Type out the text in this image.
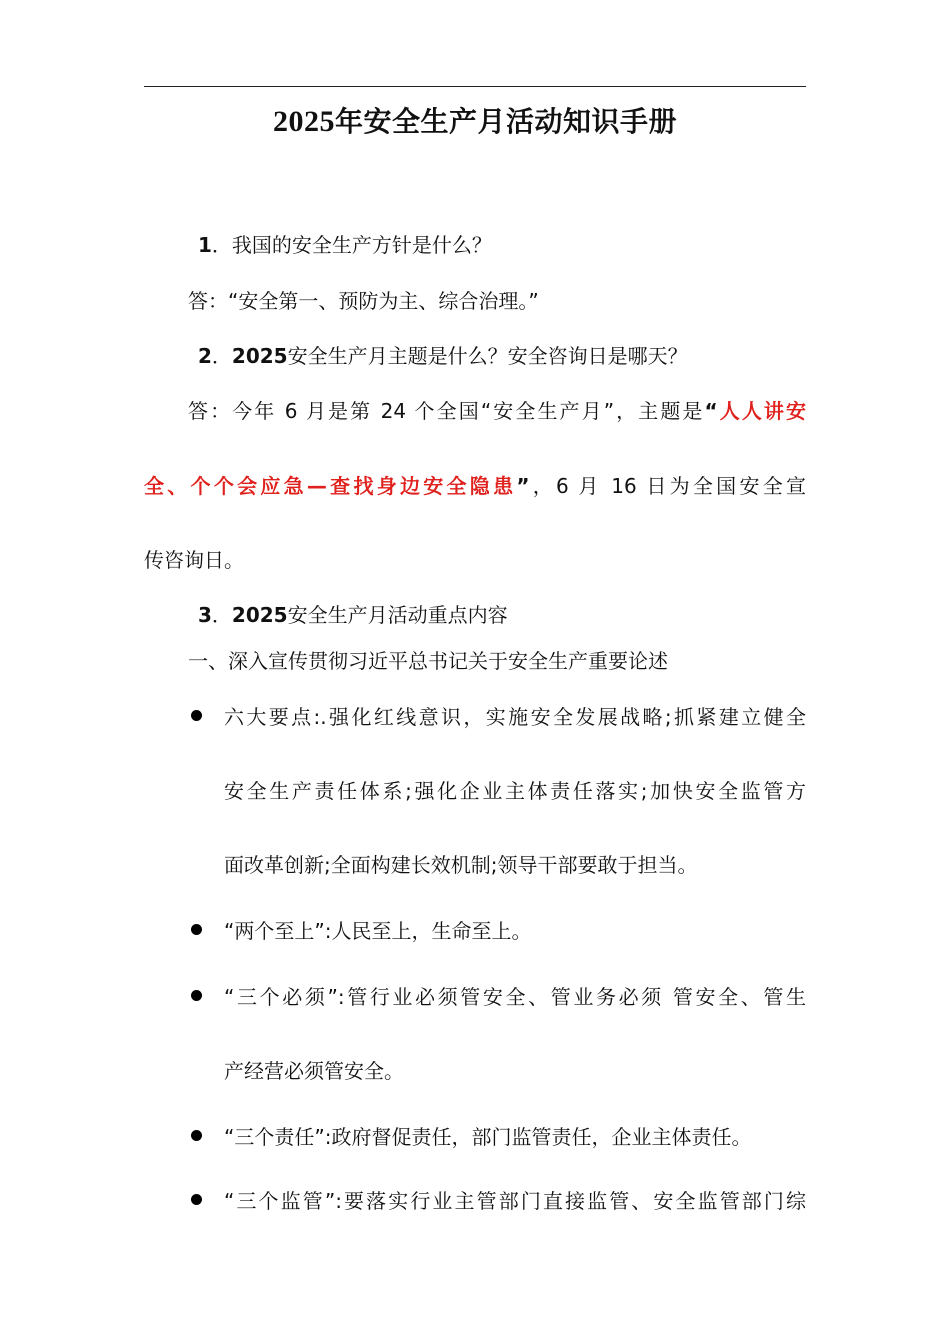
2025年安全生产月活动知识手册
1．我国的安全生产方针是什么？
答：“安全第一、预防为主、综合治理。”
2．2025安全生产月主题是什么？安全咨询日是哪天？
答：今年 6 月是第 24 个全国“安全生产月”，主题是“人人讲安
全、个个会应急—查找身边安全隐患”，6 月 16 日为全国安全宣
传咨询日。
3．2025安全生产月活动重点内容
一、深入宣传贯彻习近平总书记关于安全生产重要论述
六大要点:.强化红线意识，实施安全发展战略;抓紧建立健全
安全生产责任体系;强化企业主体责任落实;加快安全监管方
面改革创新;全面构建长效机制;领导干部要敢于担当。
“两个至上”:人民至上，生命至上。
“三个必须”:管行业必须管安全、管业务必须 管安全、管生
产经营必须管安全。
“三个责任”:政府督促责任，部门监管责任，企业主体责任。
“三个监管”:要落实行业主管部门直接监管、安全监管部门综
